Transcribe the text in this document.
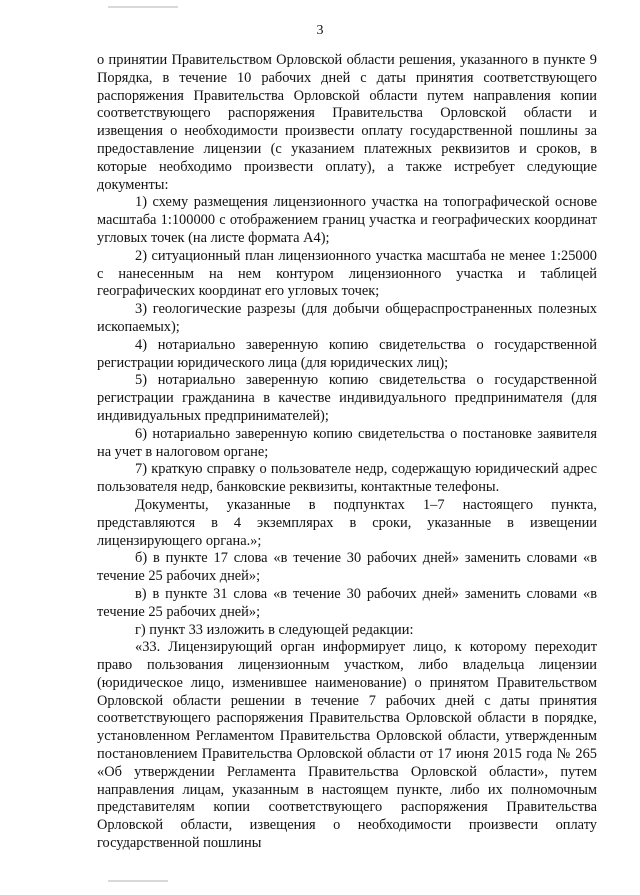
3

о принятии Правительством Орловской области решения, указанного в пункте 9 Порядка, в течение 10 рабочих дней с даты принятия соответствующего распоряжения Правительства Орловской области путем направления копии соответствующего распоряжения Правительства Орловской области и извещения о необходимости произвести оплату государственной пошлины за предоставление лицензии (с указанием платежных реквизитов и сроков, в которые необходимо произвести оплату), а также истребует следующие документы:

1) схему размещения лицензионного участка на топографической основе масштаба 1:100000 с отображением границ участка и географических координат угловых точек (на листе формата А4);

2) ситуационный план лицензионного участка масштаба не менее 1:25000 с нанесенным на нем контуром лицензионного участка и таблицей географических координат его угловых точек;

3) геологические разрезы (для добычи общераспространенных полезных ископаемых);

4) нотариально заверенную копию свидетельства о государственной регистрации юридического лица (для юридических лиц);

5) нотариально заверенную копию свидетельства о государственной регистрации гражданина в качестве индивидуального предпринимателя (для индивидуальных предпринимателей);

6) нотариально заверенную копию свидетельства о постановке заявителя на учет в налоговом органе;

7) краткую справку о пользователе недр, содержащую юридический адрес пользователя недр, банковские реквизиты, контактные телефоны.

Документы, указанные в подпунктах 1–7 настоящего пункта, представляются в 4 экземплярах в сроки, указанные в извещении лицензирующего органа.»;

б) в пункте 17 слова «в течение 30 рабочих дней» заменить словами «в течение 25 рабочих дней»;

в) в пункте 31 слова «в течение 30 рабочих дней» заменить словами «в течение 25 рабочих дней»;

г) пункт 33 изложить в следующей редакции:

«33. Лицензирующий орган информирует лицо, к которому переходит право пользования лицензионным участком, либо владельца лицензии (юридическое лицо, изменившее наименование) о принятом Правительством Орловской области решении в течение 7 рабочих дней с даты принятия соответствующего распоряжения Правительства Орловской области в порядке, установленном Регламентом Правительства Орловской области, утвержденным постановлением Правительства Орловской области от 17 июня 2015 года № 265 «Об утверждении Регламента Правительства Орловской области», путем направления лицам, указанным в настоящем пункте, либо их полномочным представителям копии соответствующего распоряжения Правительства Орловской области, извещения о необходимости произвести оплату государственной пошлины
